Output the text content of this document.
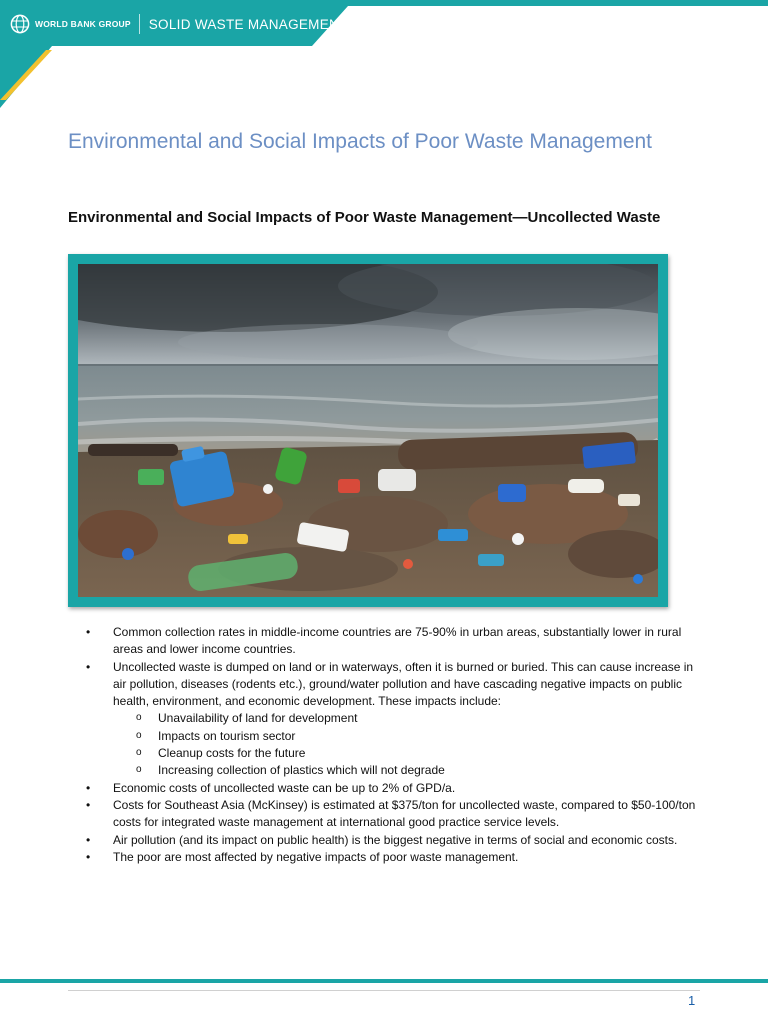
WORLD BANK GROUP SOLID WASTE MANAGEMENT
Environmental and Social Impacts of Poor Waste Management
Environmental and Social Impacts of Poor Waste Management—Uncollected Waste
• Common collection rates in middle-income countries are 75-90% in urban areas, substantially lower in rural areas and lower income countries.
• Uncollected waste is dumped on land or in waterways, often it is burned or buried. This can cause increase in air pollution, diseases (rodents etc.), ground/water pollution and have cascading negative impacts on public health, environment, and economic development. These impacts include:
o Unavailability of land for development
o Impacts on tourism sector
o Cleanup costs for the future
o Increasing collection of plastics which will not degrade
• Economic costs of uncollected waste can be up to 2% of GPD/a.
• Costs for Southeast Asia (McKinsey) is estimated at $375/ton for uncollected waste, compared to $50-100/ton costs for integrated waste management at international good practice service levels.
• Air pollution (and its impact on public health) is the biggest negative in terms of social and economic costs.
• The poor are most affected by negative impacts of poor waste management.
1
